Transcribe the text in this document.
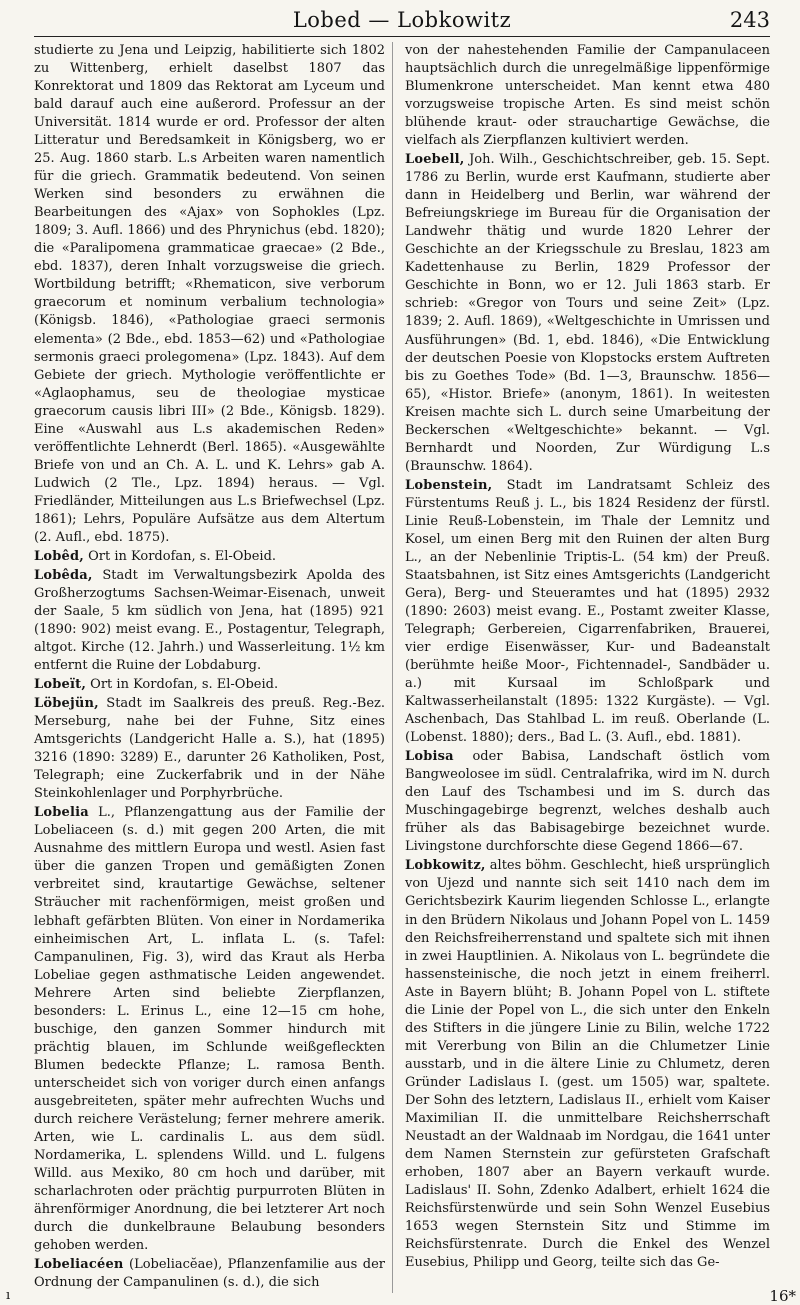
Lobed — Lobkowitz	243

studierte zu Jena und Leipzig, habilitierte sich 1802 zu Wittenberg, erhielt daselbst 1807 das Konrektorat und 1809 das Rektorat am Lyceum und bald darauf auch eine außerord. Professur an der Universität. 1814 wurde er ord. Professor der alten Litteratur und Beredsamkeit in Königsberg, wo er 25. Aug. 1860 starb. L.s Arbeiten waren namentlich für die griech. Grammatik bedeutend. Von seinen Werken sind besonders zu erwähnen die Bearbeitungen des «Ajax» von Sophokles (Lpz. 1809; 3. Aufl. 1866) und des Phrynichus (ebd. 1820); die «Paralipomena grammaticae graecae» (2 Bde., ebd. 1837), deren Inhalt vorzugsweise die griech. Wortbildung betrifft; «Rhematicon, sive verborum graecorum et nominum verbalium technologia» (Königsb. 1846), «Pathologiae graeci sermonis elementa» (2 Bde., ebd. 1853—62) und «Pathologiae sermonis graeci prolegomena» (Lpz. 1843). Auf dem Gebiete der griech. Mythologie veröffentlichte er «Aglaophamus, seu de theologiae mysticae graecorum causis libri III» (2 Bde., Königsb. 1829). Eine «Auswahl aus L.s akademischen Reden» veröffentlichte Lehnerdt (Berl. 1865). «Ausgewählte Briefe von und an Ch. A. L. und K. Lehrs» gab A. Ludwich (2 Tle., Lpz. 1894) heraus. — Vgl. Friedländer, Mitteilungen aus L.s Briefwechsel (Lpz. 1861); Lehrs, Populäre Aufsätze aus dem Altertum (2. Aufl., ebd. 1875).

Lobêd, Ort in Kordofan, s. El-Obeid.

Lobêda, Stadt im Verwaltungsbezirk Apolda des Großherzogtums Sachsen-Weimar-Eisenach, unweit der Saale, 5 km südlich von Jena, hat (1895) 921 (1890: 902) meist evang. E., Postagentur, Telegraph, altgot. Kirche (12. Jahrh.) und Wasserleitung. 1½ km entfernt die Ruine der Lobdaburg.

Lobeït, Ort in Kordofan, s. El-Obeid.

Löbejün, Stadt im Saalkreis des preuß. Reg.-Bez. Merseburg, nahe bei der Fuhne, Sitz eines Amtsgerichts (Landgericht Halle a. S.), hat (1895) 3216 (1890: 3289) E., darunter 26 Katholiken, Post, Telegraph; eine Zuckerfabrik und in der Nähe Steinkohlenlager und Porphyrbrüche.

Lobelia L., Pflanzengattung aus der Familie der Lobeliaceen (s. d.) mit gegen 200 Arten, die mit Ausnahme des mittlern Europa und westl. Asien fast über die ganzen Tropen und gemäßigten Zonen verbreitet sind, krautartige Gewächse, seltener Sträucher mit rachenförmigen, meist großen und lebhaft gefärbten Blüten. Von einer in Nordamerika einheimischen Art, L. inflata L. (s. Tafel: Campanulinen, Fig. 3), wird das Kraut als Herba Lobeliae gegen asthmatische Leiden angewendet. Mehrere Arten sind beliebte Zierpflanzen, besonders: L. Erinus L., eine 12—15 cm hohe, buschige, den ganzen Sommer hindurch mit prächtig blauen, im Schlunde weißgefleckten Blumen bedeckte Pflanze; L. ramosa Benth. unterscheidet sich von voriger durch einen anfangs ausgebreiteten, später mehr aufrechten Wuchs und durch reichere Verästelung; ferner mehrere amerik. Arten, wie L. cardinalis L. aus dem südl. Nordamerika, L. splendens Willd. und L. fulgens Willd. aus Mexiko, 80 cm hoch und darüber, mit scharlachroten oder prächtig purpurroten Blüten in ährenförmiger Anordnung, die bei letzterer Art noch durch die dunkelbraune Belaubung besonders gehoben werden.

Lobeliacéen (Lobeliacĕae), Pflanzenfamilie aus der Ordnung der Campanulinen (s. d.), die sich

von der nahestehenden Familie der Campanulaceen hauptsächlich durch die unregelmäßige lippenförmige Blumenkrone unterscheidet. Man kennt etwa 480 vorzugsweise tropische Arten. Es sind meist schön blühende kraut- oder strauchartige Gewächse, die vielfach als Zierpflanzen kultiviert werden.

Loebell, Joh. Wilh., Geschichtschreiber, geb. 15. Sept. 1786 zu Berlin, wurde erst Kaufmann, studierte aber dann in Heidelberg und Berlin, war während der Befreiungskriege im Bureau für die Organisation der Landwehr thätig und wurde 1820 Lehrer der Geschichte an der Kriegsschule zu Breslau, 1823 am Kadettenhause zu Berlin, 1829 Professor der Geschichte in Bonn, wo er 12. Juli 1863 starb. Er schrieb: «Gregor von Tours und seine Zeit» (Lpz. 1839; 2. Aufl. 1869), «Weltgeschichte in Umrissen und Ausführungen» (Bd. 1, ebd. 1846), «Die Entwicklung der deutschen Poesie von Klopstocks erstem Auftreten bis zu Goethes Tode» (Bd. 1—3, Braunschw. 1856—65), «Histor. Briefe» (anonym, 1861). In weitesten Kreisen machte sich L. durch seine Umarbeitung der Beckerschen «Weltgeschichte» bekannt. — Vgl. Bernhardt und Noorden, Zur Würdigung L.s (Braunschw. 1864).

Lobenstein, Stadt im Landratsamt Schleiz des Fürstentums Reuß j. L., bis 1824 Residenz der fürstl. Linie Reuß-Lobenstein, im Thale der Lemnitz und Kosel, um einen Berg mit den Ruinen der alten Burg L., an der Nebenlinie Triptis-L. (54 km) der Preuß. Staatsbahnen, ist Sitz eines Amtsgerichts (Landgericht Gera), Berg- und Steueramtes und hat (1895) 2932 (1890: 2603) meist evang. E., Postamt zweiter Klasse, Telegraph; Gerbereien, Cigarrenfabriken, Brauerei, vier erdige Eisenwässer, Kur- und Badeanstalt (berühmte heiße Moor-, Fichtennadel-, Sandbäder u. a.) mit Kursaal im Schloßpark und Kaltwasserheilanstalt (1895: 1322 Kurgäste). — Vgl. Aschenbach, Das Stahlbad L. im reuß. Oberlande (L. (Lobenst. 1880); ders., Bad L. (3. Aufl., ebd. 1881).

Lobisa oder Babisa, Landschaft östlich vom Bangweolosee im südl. Centralafrika, wird im N. durch den Lauf des Tschambesi und im S. durch das Muschingagebirge begrenzt, welches deshalb auch früher als das Babisagebirge bezeichnet wurde. Livingstone durchforschte diese Gegend 1866—67.

Lobkowitz, altes böhm. Geschlecht, hieß ursprünglich von Ujezd und nannte sich seit 1410 nach dem im Gerichtsbezirk Kaurim liegenden Schlosse L., erlangte in den Brüdern Nikolaus und Johann Popel von L. 1459 den Reichsfreiherrenstand und spaltete sich mit ihnen in zwei Hauptlinien. A. Nikolaus von L. begründete die hassensteinische, die noch jetzt in einem freiherrl. Aste in Bayern blüht; B. Johann Popel von L. stiftete die Linie der Popel von L., die sich unter den Enkeln des Stifters in die jüngere Linie zu Bilin, welche 1722 mit Vererbung von Bilin an die Chlumetzer Linie ausstarb, und in die ältere Linie zu Chlumetz, deren Gründer Ladislaus I. (gest. um 1505) war, spaltete. Der Sohn des letztern, Ladislaus II., erhielt vom Kaiser Maximilian II. die unmittelbare Reichsherrschaft Neustadt an der Waldnaab im Nordgau, die 1641 unter dem Namen Sternstein zur gefürsteten Grafschaft erhoben, 1807 aber an Bayern verkauft wurde. Ladislaus' II. Sohn, Zdenko Adalbert, erhielt 1624 die Reichsfürstenwürde und sein Sohn Wenzel Eusebius 1653 wegen Sternstein Sitz und Stimme im Reichsfürstenrate. Durch die Enkel des Wenzel Eusebius, Philipp und Georg, teilte sich das Ge-

ı	16*
